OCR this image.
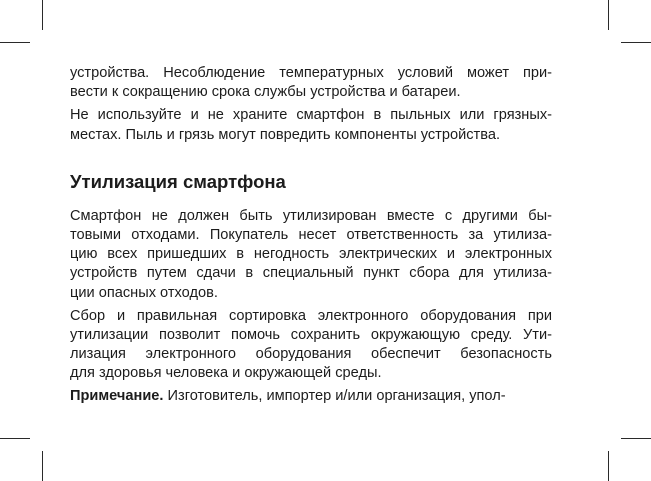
устройства. Несоблюдение температурных условий может при-
вести к сокращению срока службы устройства и батареи.
Не используйте и не храните смартфон в пыльных или грязных-
местах. Пыль и грязь могут повредить компоненты устройства.
Утилизация смартфона
Смартфон не должен быть утилизирован вместе с другими бы-
товыми отходами. Покупатель несет ответственность за утилиза-
цию всех пришедших в негодность электрических и электронных
устройств путем сдачи в специальный пункт сбора для утилиза-
ции опасных отходов.
Сбор и правильная сортировка электронного оборудования при
утилизации позволит помочь сохранить окружающую среду. Ути-
лизация электронного оборудования обеспечит безопасность
для здоровья человека и окружающей среды.
Примечание. Изготовитель, импортер и/или организация, упол-
